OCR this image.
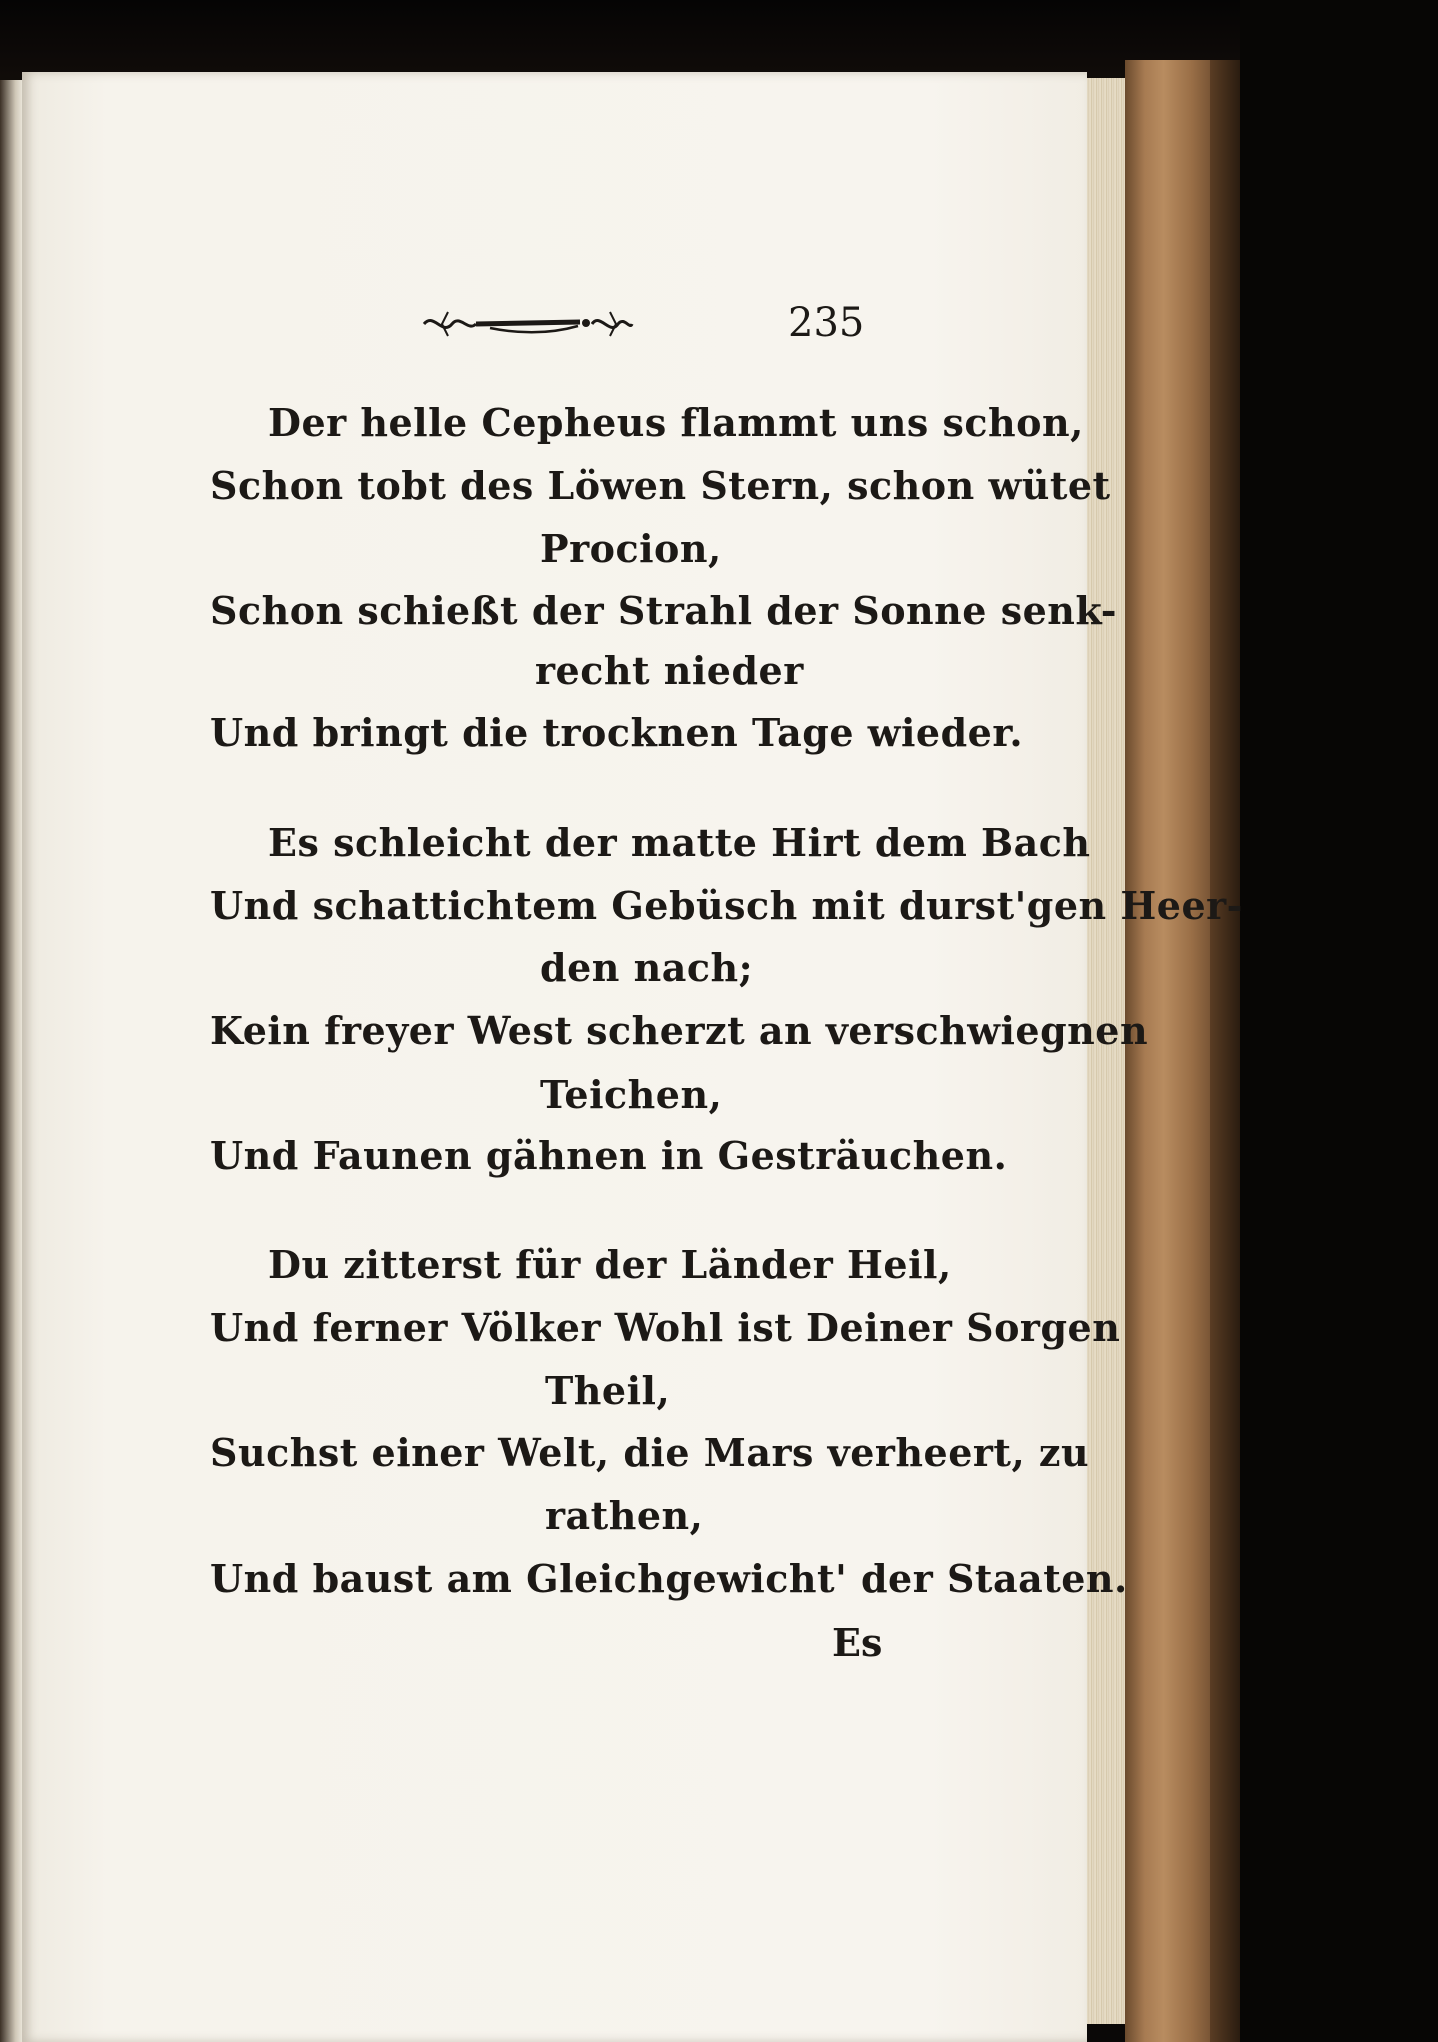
235
Der helle Cepheus flammt uns schon,
Schon tobt des Löwen Stern, schon wütet
Procion,
Schon schießt der Strahl der Sonne senk-
recht nieder
Und bringt die trocknen Tage wieder.
Es schleicht der matte Hirt dem Bach
Und schattichtem Gebüsch mit durst'gen Heer-
den nach;
Kein freyer West scherzt an verschwiegnen
Teichen,
Und Faunen gähnen in Gesträuchen.
Du zitterst für der Länder Heil,
Und ferner Völker Wohl ist Deiner Sorgen
Theil,
Suchst einer Welt, die Mars verheert, zu
rathen,
Und baust am Gleichgewicht' der Staaten.
Es
